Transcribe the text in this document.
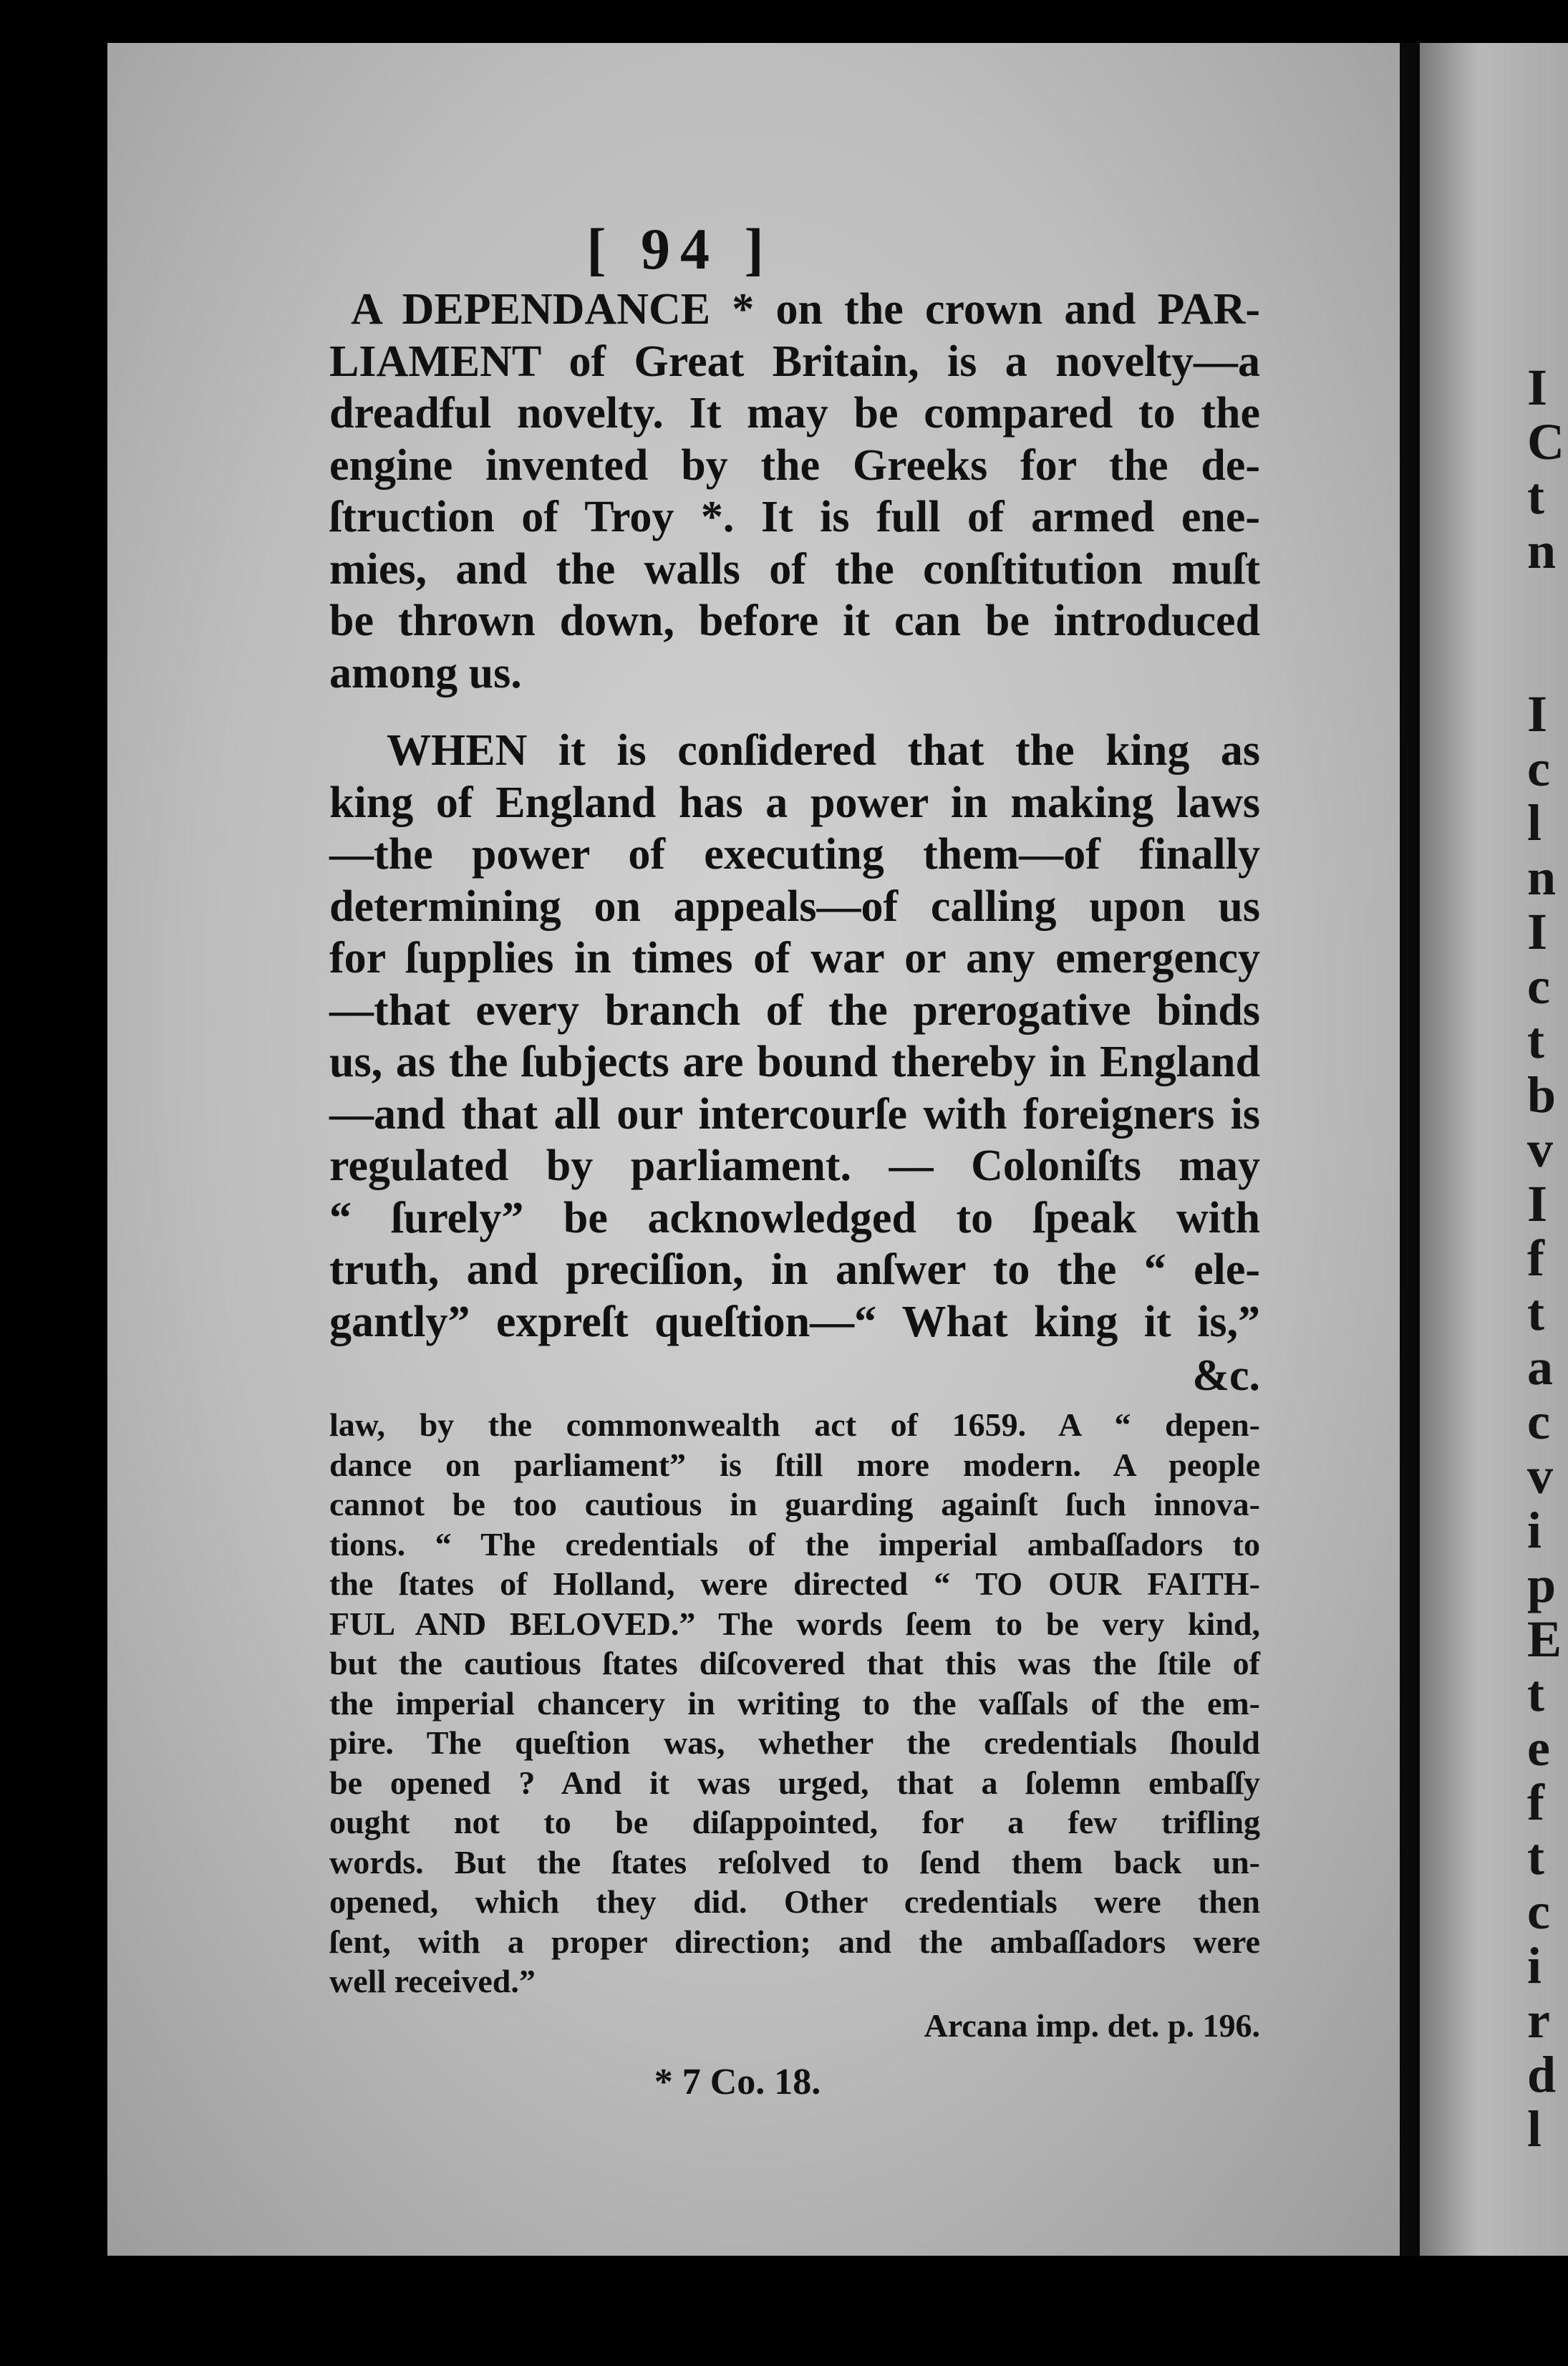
I
C
t
n
I
c
l
n
I
c
t
b
v
I
f
t
a
c
v
i
p
E
t
e
f
t
c
i
r
d
l
[ 94 ]
A DEPENDANCE * on the crown and PAR-
LIAMENT of Great Britain, is a novelty—a
dreadful novelty. It may be compared to the
engine invented by the Greeks for the de-
ſtruction of Troy *. It is full of armed ene-
mies, and the walls of the conſtitution muſt
be thrown down, before it can be introduced
among us.
WHEN it is conſidered that the king as
king of England has a power in making laws
—the power of executing them—of finally
determining on appeals—of calling upon us
for ſupplies in times of war or any emergency
—that every branch of the prerogative binds
us, as the ſubjects are bound thereby in England
—and that all our intercourſe with foreigners is
regulated by parliament. — Coloniſts may
“ ſurely” be acknowledged to ſpeak with
truth, and preciſion, in anſwer to the “ ele-
gantly” expreſt queſtion—“ What king it is,”
&c.
law, by the commonwealth act of 1659. A “ depen-
dance on parliament” is ſtill more modern. A people
cannot be too cautious in guarding againſt ſuch innova-
tions. “ The credentials of the imperial ambaſſadors to
the ſtates of Holland, were directed “ TO OUR FAITH-
FUL AND BELOVED.” The words ſeem to be very kind,
but the cautious ſtates diſcovered that this was the ſtile of
the imperial chancery in writing to the vaſſals of the em-
pire. The queſtion was, whether the credentials ſhould
be opened ? And it was urged, that a ſolemn embaſſy
ought not to be diſappointed, for a few trifling
words. But the ſtates reſolved to ſend them back un-
opened, which they did. Other credentials were then
ſent, with a proper direction; and the ambaſſadors were
well received.”
Arcana imp. det. p. 196.
* 7 Co. 18.
